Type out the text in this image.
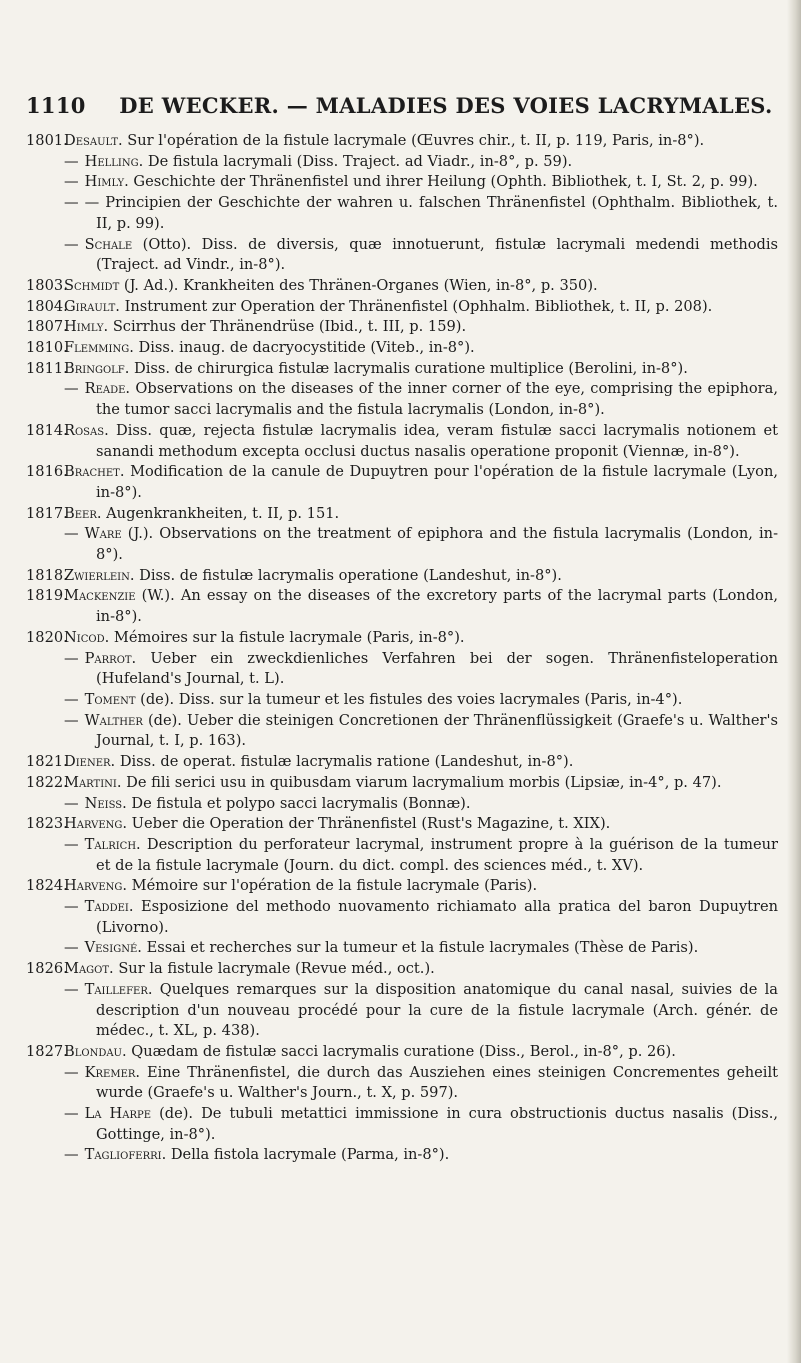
1110 DE WECKER. — MALADIES DES VOIES LACRYMALES.
1801.
Desault. Sur l'opération de la fistule lacrymale (Œuvres chir., t. II, p. 119, Paris, in-8°).
— Helling. De fistula lacrymali (Diss. Traject. ad Viadr., in-8°, p. 59).
— Himly. Geschichte der Thränenfistel und ihrer Heilung (Ophth. Bibliothek, t. I, St. 2, p. 99).
— — Principien der Geschichte der wahren u. falschen Thränenfistel (Ophthalm. Bibliothek, t. II, p. 99).
— Schale (Otto). Diss. de diversis, quæ innotuerunt, fistulæ lacrymali medendi methodis (Traject. ad Vindr., in-8°).
1803.
Schmidt (J. Ad.). Krankheiten des Thränen-Organes (Wien, in-8°, p. 350).
1804.
Girault. Instrument zur Operation der Thränenfistel (Ophhalm. Bibliothek, t. II, p. 208).
1807.
Himly. Scirrhus der Thränendrüse (Ibid., t. III, p. 159).
1810.
Flemming. Diss. inaug. de dacryocystitide (Viteb., in-8°).
1811.
Bringolf. Diss. de chirurgica fistulæ lacrymalis curatione multiplice (Berolini, in-8°).
— Reade. Observations on the diseases of the inner corner of the eye, comprising the epiphora, the tumor sacci lacrymalis and the fistula lacrymalis (London, in-8°).
1814.
Rosas. Diss. quæ, rejecta fistulæ lacrymalis idea, veram fistulæ sacci lacrymalis notionem et sanandi methodum excepta occlusi ductus nasalis operatione proponit (Viennæ, in-8°).
1816.
Brachet. Modification de la canule de Dupuytren pour l'opération de la fistule lacrymale (Lyon, in-8°).
1817.
Beer. Augenkrankheiten, t. II, p. 151.
— Ware (J.). Observations on the treatment of epiphora and the fistula lacrymalis (London, in-8°).
1818.
Zwierlein. Diss. de fistulæ lacrymalis operatione (Landeshut, in-8°).
1819.
Mackenzie (W.). An essay on the diseases of the excretory parts of the lacrymal parts (London, in-8°).
1820.
Nicod. Mémoires sur la fistule lacrymale (Paris, in-8°).
— Parrot. Ueber ein zweckdienliches Verfahren bei der sogen. Thränenfisteloperation (Hufeland's Journal, t. L).
— Toment (de). Diss. sur la tumeur et les fistules des voies lacrymales (Paris, in-4°).
— Walther (de). Ueber die steinigen Concretionen der Thränenflüssigkeit (Graefe's u. Walther's Journal, t. I, p. 163).
1821.
Diener. Diss. de operat. fistulæ lacrymalis ratione (Landeshut, in-8°).
1822.
Martini. De fili serici usu in quibusdam viarum lacrymalium morbis (Lipsiæ, in-4°, p. 47).
— Neiss. De fistula et polypo sacci lacrymalis (Bonnæ).
1823.
Harveng. Ueber die Operation der Thränenfistel (Rust's Magazine, t. XIX).
— Talrich. Description du perforateur lacrymal, instrument propre à la guérison de la tumeur et de la fistule lacrymale (Journ. du dict. compl. des sciences méd., t. XV).
1824.
Harveng. Mémoire sur l'opération de la fistule lacrymale (Paris).
— Taddei. Esposizione del methodo nuovamento richiamato alla pratica del baron Dupuytren (Livorno).
— Vesigné. Essai et recherches sur la tumeur et la fistule lacrymales (Thèse de Paris).
1826.
Magot. Sur la fistule lacrymale (Revue méd., oct.).
— Taillefer. Quelques remarques sur la disposition anatomique du canal nasal, suivies de la description d'un nouveau procédé pour la cure de la fistule lacrymale (Arch. génér. de médec., t. XL, p. 438).
1827.
Blondau. Quædam de fistulæ sacci lacrymalis curatione (Diss., Berol., in-8°, p. 26).
— Kremer. Eine Thränenfistel, die durch das Ausziehen eines steinigen Concrementes geheilt wurde (Graefe's u. Walther's Journ., t. X, p. 597).
— La Harpe (de). De tubuli metattici immissione in cura obstructionis ductus nasalis (Diss., Gottinge, in-8°).
— Taglioferri. Della fistola lacrymale (Parma, in-8°).
